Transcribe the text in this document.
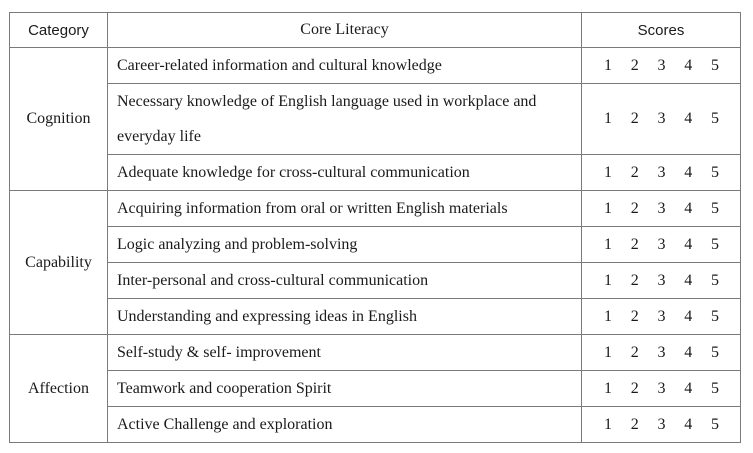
Category	Core Literacy	Scores
Cognition	Career-related information and cultural knowledge	1 2 3 4 5

	Necessary knowledge of English language used in workplace and everyday life	1 2 3 4 5

	Adequate knowledge for cross-cultural communication	1 2 3 4 5

Capability	Acquiring information from oral or written English materials	1 2 3 4 5

	Logic analyzing and problem-solving	1 2 3 4 5

	Inter-personal and cross-cultural communication	1 2 3 4 5

	Understanding and expressing ideas in English	1 2 3 4 5

Affection	Self-study & self- improvement	1 2 3 4 5

	Teamwork and cooperation Spirit	1 2 3 4 5

	Active Challenge and exploration	1 2 3 4 5
